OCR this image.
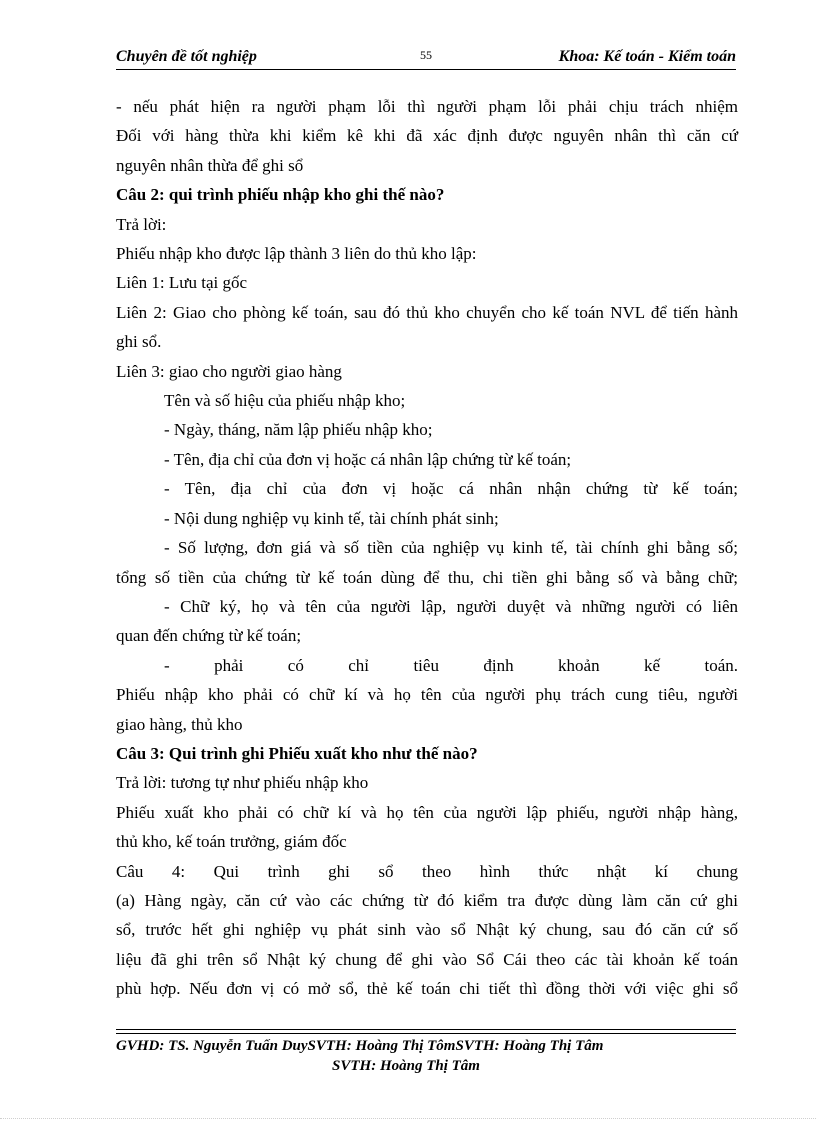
Chuyên đề tốt nghiệp	55	Khoa: Kế toán - Kiểm toán

- nếu phát hiện ra người phạm lỗi thì người phạm lỗi phải chịu trách nhiệm

Đối với hàng thừa khi kiểm kê khi đã xác định được nguyên nhân thì căn cứ

nguyên nhân thừa để ghi sổ

Câu 2: qui trình phiếu nhập kho ghi thế nào?

Trả lời:

Phiếu nhập kho được lập thành 3 liên do thủ kho lập:

Liên 1: Lưu tại gốc

Liên 2: Giao cho phòng kế toán, sau đó thủ kho chuyển cho kế toán NVL để tiến hành

ghi sổ.

Liên 3: giao cho người giao hàng

Tên và số hiệu của phiếu nhập kho;

- Ngày, tháng, năm lập phiếu nhập kho;

- Tên, địa chỉ của đơn vị hoặc cá nhân lập chứng từ kế toán;

- Tên, địa chỉ của đơn vị hoặc cá nhân nhận chứng từ kế toán;

- Nội dung nghiệp vụ kinh tế, tài chính phát sinh;

- Số lượng, đơn giá và số tiền của nghiệp vụ kinh tế, tài chính ghi bằng số;

tổng số tiền của chứng từ kế toán dùng để thu, chi tiền ghi bằng số và bằng chữ;

- Chữ ký, họ và tên của người lập, người duyệt và những người có liên

quan đến chứng từ kế toán;

- phải có chỉ tiêu định khoản kế toán.

Phiếu nhập kho phải có chữ kí và họ tên của người phụ trách cung tiêu, người

giao hàng, thủ kho

Câu 3: Qui trình ghi Phiếu xuất kho như thế nào?

Trả lời: tương tự như phiếu nhập kho

Phiếu xuất kho phải có chữ kí và họ tên của người lập phiếu, người nhập hàng,

thủ kho, kế toán trưởng, giám đốc

Câu 4: Qui trình ghi sổ theo hình thức nhật kí chung

(a) Hàng ngày, căn cứ vào các chứng từ đó kiểm tra được dùng làm căn cứ ghi

sổ, trước hết ghi nghiệp vụ phát sinh vào sổ Nhật ký chung, sau đó căn cứ số

liệu đã ghi trên sổ Nhật ký chung để ghi vào Sổ Cái theo các tài khoản kế toán

phù hợp. Nếu đơn vị có mở sổ, thẻ kế toán chi tiết thì đồng thời với việc ghi sổ

GVHD: TS. Nguyễn Tuấn DuySVTH: Hoàng Thị TômSVTH: Hoàng Thị Tâm
SVTH: Hoàng Thị Tâm
